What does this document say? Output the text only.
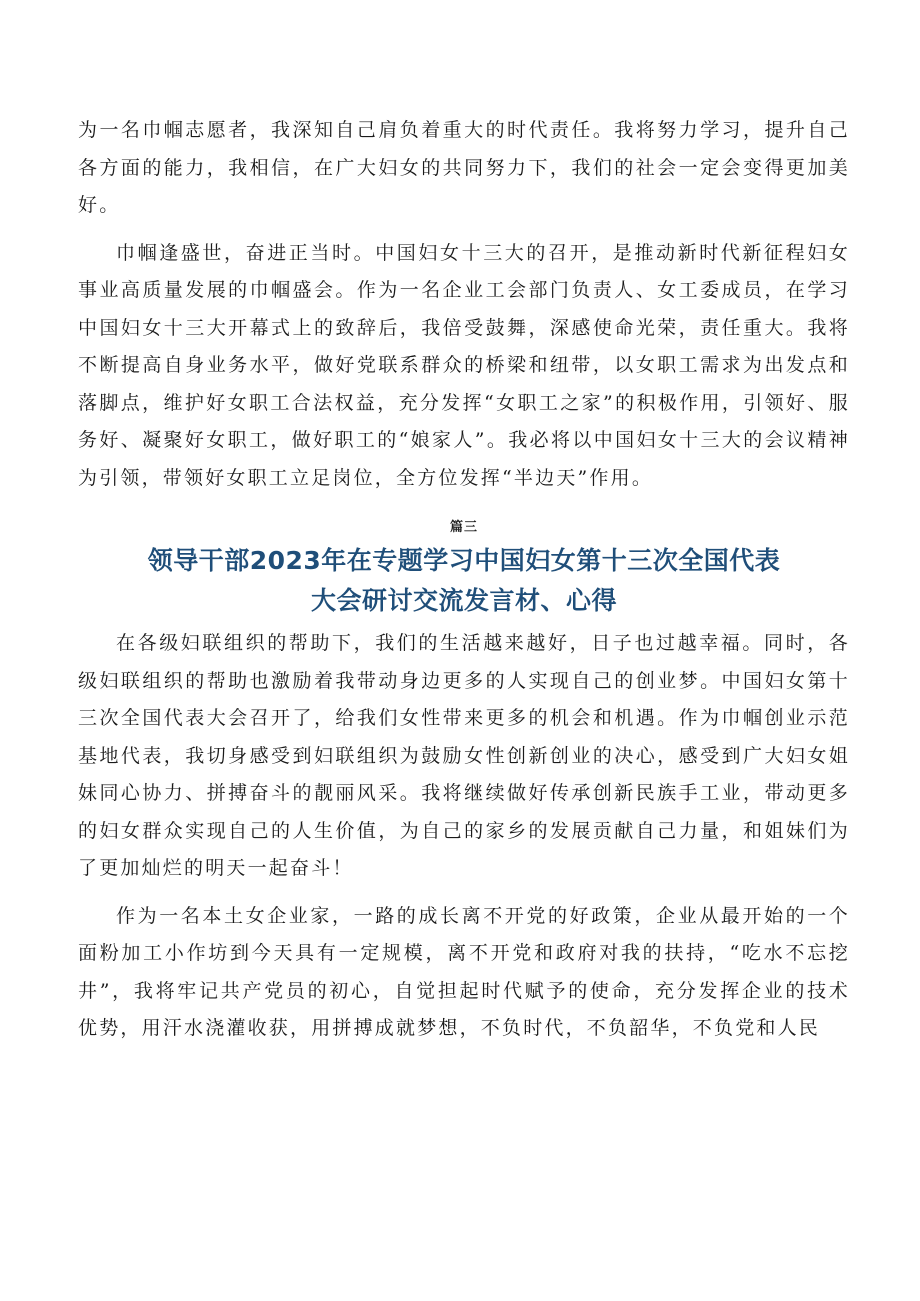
为一名巾帼志愿者，我深知自己肩负着重大的时代责任。我将努力学习，提升自己各方面的能力，我相信，在广大妇女的共同努力下，我们的社会一定会变得更加美好。

巾帼逢盛世，奋进正当时。中国妇女十三大的召开，是推动新时代新征程妇女事业高质量发展的巾帼盛会。作为一名企业工会部门负责人、女工委成员，在学习中国妇女十三大开幕式上的致辞后，我倍受鼓舞，深感使命光荣，责任重大。我将不断提高自身业务水平，做好党联系群众的桥梁和纽带，以女职工需求为出发点和落脚点，维护好女职工合法权益，充分发挥“女职工之家”的积极作用，引领好、服务好、凝聚好女职工，做好职工的“娘家人”。我必将以中国妇女十三大的会议精神为引领，带领好女职工立足岗位，全方位发挥“半边天”作用。

篇三
领导干部2023年在专题学习中国妇女第十三次全国代表
大会研讨交流发言材、心得

在各级妇联组织的帮助下，我们的生活越来越好，日子也过越幸福。同时，各级妇联组织的帮助也激励着我带动身边更多的人实现自己的创业梦。中国妇女第十三次全国代表大会召开了，给我们女性带来更多的机会和机遇。作为巾帼创业示范基地代表，我切身感受到妇联组织为鼓励女性创新创业的决心，感受到广大妇女姐妹同心协力、拼搏奋斗的靓丽风采。我将继续做好传承创新民族手工业，带动更多的妇女群众实现自己的人生价值，为自己的家乡的发展贡献自己力量，和姐妹们为了更加灿烂的明天一起奋斗！

作为一名本土女企业家，一路的成长离不开党的好政策，企业从最开始的一个面粉加工小作坊到今天具有一定规模，离不开党和政府对我的扶持，“吃水不忘挖井”，我将牢记共产党员的初心，自觉担起时代赋予的使命，充分发挥企业的技术优势，用汗水浇灌收获，用拼搏成就梦想，不负时代，不负韶华，不负党和人民
